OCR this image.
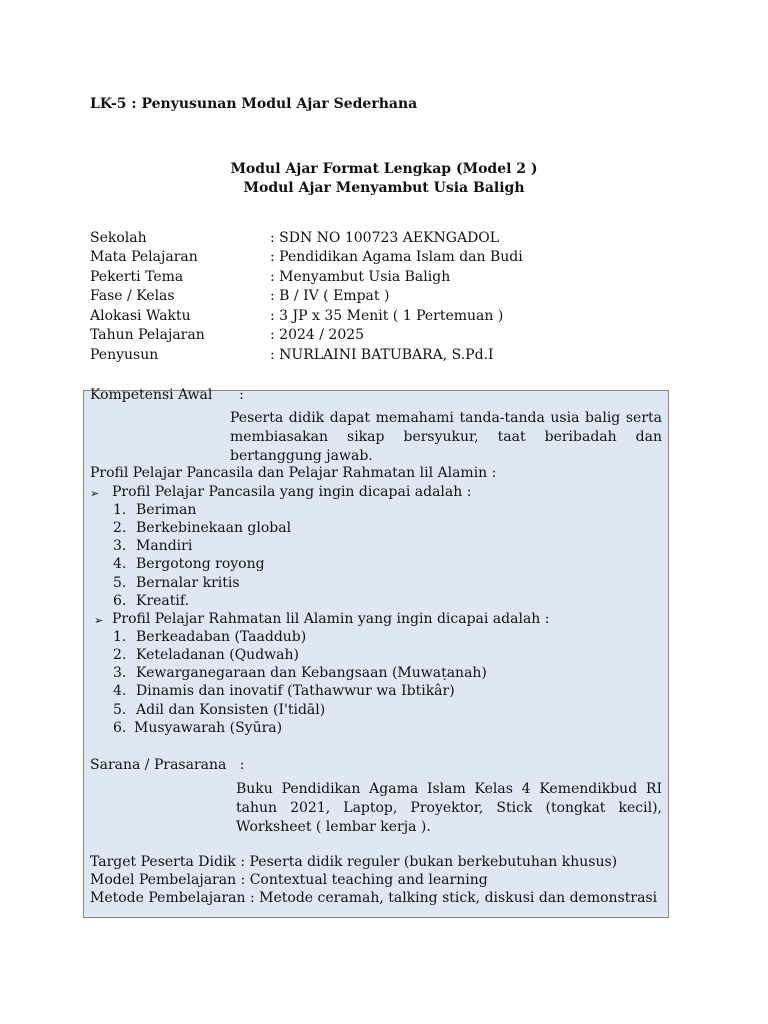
LK-5 : Penyusunan Modul Ajar Sederhana
Modul Ajar Format Lengkap (Model 2 )
Modul Ajar Menyambut Usia Baligh
Sekolah	: SDN NO 100723 AEKNGADOL
Mata Pelajaran	: Pendidikan Agama Islam dan Budi
Pekerti Tema	: Menyambut Usia Baligh
Fase / Kelas	: B / IV ( Empat )
Alokasi Waktu	: 3 JP x 35 Menit ( 1 Pertemuan )
Tahun Pelajaran	: 2024 / 2025
Penyusun	: NURLAINI BATUBARA, S.Pd.I
Kompetensi Awal      :
Peserta didik dapat memahami tanda-tanda usia balig serta membiasakan sikap bersyukur, taat beribadah dan bertanggung jawab.
Profil Pelajar Pancasila dan Pelajar Rahmatan lil Alamin :
➢ Profil Pelajar Pancasila yang ingin dicapai adalah :
1. Beriman
2. Berkebinekaan global
3. Mandiri
4. Bergotong royong
5. Bernalar kritis
6. Kreatif.
➢ Profil Pelajar Rahmatan lil Alamin yang ingin dicapai adalah :
1. Berkeadaban (Taaddub)
2. Keteladanan (Qudwah)
3. Kewarganegaraan dan Kebangsaan (Muwaṭanah)
4. Dinamis dan inovatif (Tathawwur wa Ibtikâr)
5. Adil dan Konsisten (I'tidāl)
6. Musyawarah (Syūra)
Sarana / Prasarana   :
Buku Pendidikan Agama Islam Kelas 4 Kemendikbud RI tahun 2021, Laptop, Proyektor, Stick (tongkat kecil), Worksheet ( lembar kerja ).
Target Peserta Didik : Peserta didik reguler (bukan berkebutuhan khusus)
Model Pembelajaran : Contextual teaching and learning
Metode Pembelajaran : Metode ceramah, talking stick, diskusi dan demonstrasi
